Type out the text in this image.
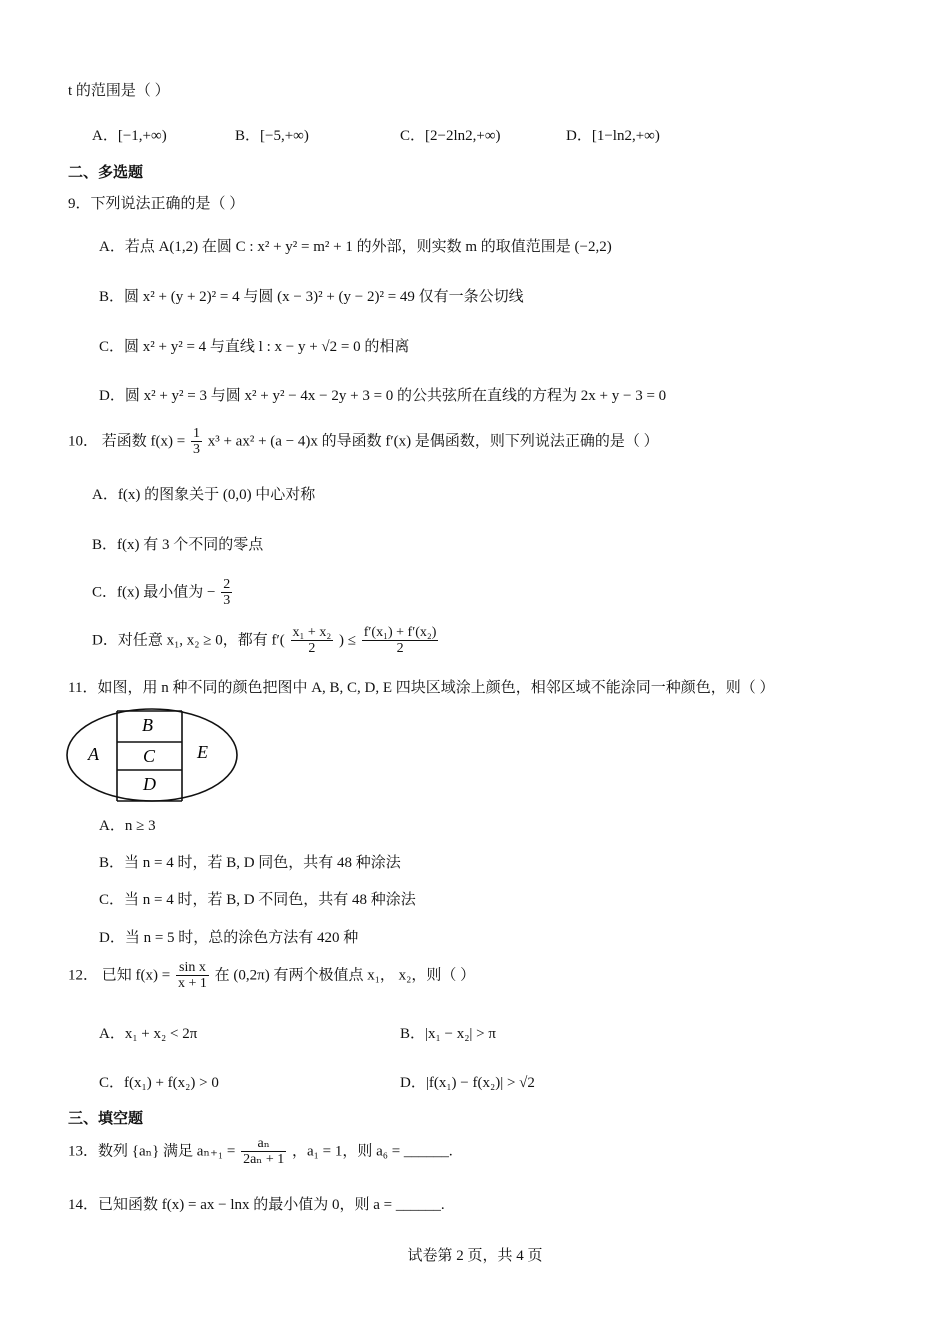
t 的范围是（ ）
A．[−1,+∞)	B．[−5,+∞)	C．[2−2ln2,+∞)	D．[1−ln2,+∞)
二、多选题
9．下列说法正确的是（ ）
A．若点 A(1,2) 在圆 C : x² + y² = m² + 1 的外部，则实数 m 的取值范围是 (−2,2)
B．圆 x² + (y + 2)² = 4 与圆 (x − 3)² + (y − 2)² = 49 仅有一条公切线
C．圆 x² + y² = 4 与直线 l : x − y + √2 = 0 的相离
D．圆 x² + y² = 3 与圆 x² + y² − 4x − 2y + 3 = 0 的公共弦所在直线的方程为 2x + y − 3 = 0
10． 若函数 $f(x) = \frac{1}{3} x^3 + ax^2 + (a - 4)x$ 的导函数 f′(x) 是偶函数，则下列说法正确的是（ ）
A．f(x) 的图象关于 (0,0) 中心对称
B．f(x) 有 3 个不同的零点
C．f(x) 最小值为 − $\frac{2}{3}$
D．对任意 x₁, x₂ ≥ 0，都有 $f'( \frac{\text{x₁ + x₂}}{2}$ ) ≤ $\frac{\text{f′(x₁) + f′(x₂)}}{2}$
11．如图，用 n 种不同的颜色把图中 A, B, C, D, E 四块区域涂上颜色，相邻区域不能涂同一种颜色，则（ ）
A
B
C
D
E
A．n ≥ 3
B．当 n = 4 时，若 B, D 同色，共有 48 种涂法
C．当 n = 4 时，若 B, D 不同色，共有 48 种涂法
D．当 n = 5 时，总的涂色方法有 420 种
12． 已知 $f(x) = \frac{\text{sin x}}{x + 1}$ 在 (0,2π) 有两个极值点 x₁， x₂，则（ ）
A．x₁ + x₂ < 2π	B．|x₁ − x₂| > π
C．f(x₁) + f(x₂) > 0	D．|f(x₁) − f(x₂)| > √2
三、填空题
13．数列 {aₙ} 满足 $a_{n+1} = \frac{\text{aₙ}}{\text{2aₙ + 1}}$ ，a₁ = 1，则 a₆ = ______.
14．已知函数 f(x) = ax − lnx 的最小值为 0，则 a = ______.
试卷第 2 页，共 4 页
